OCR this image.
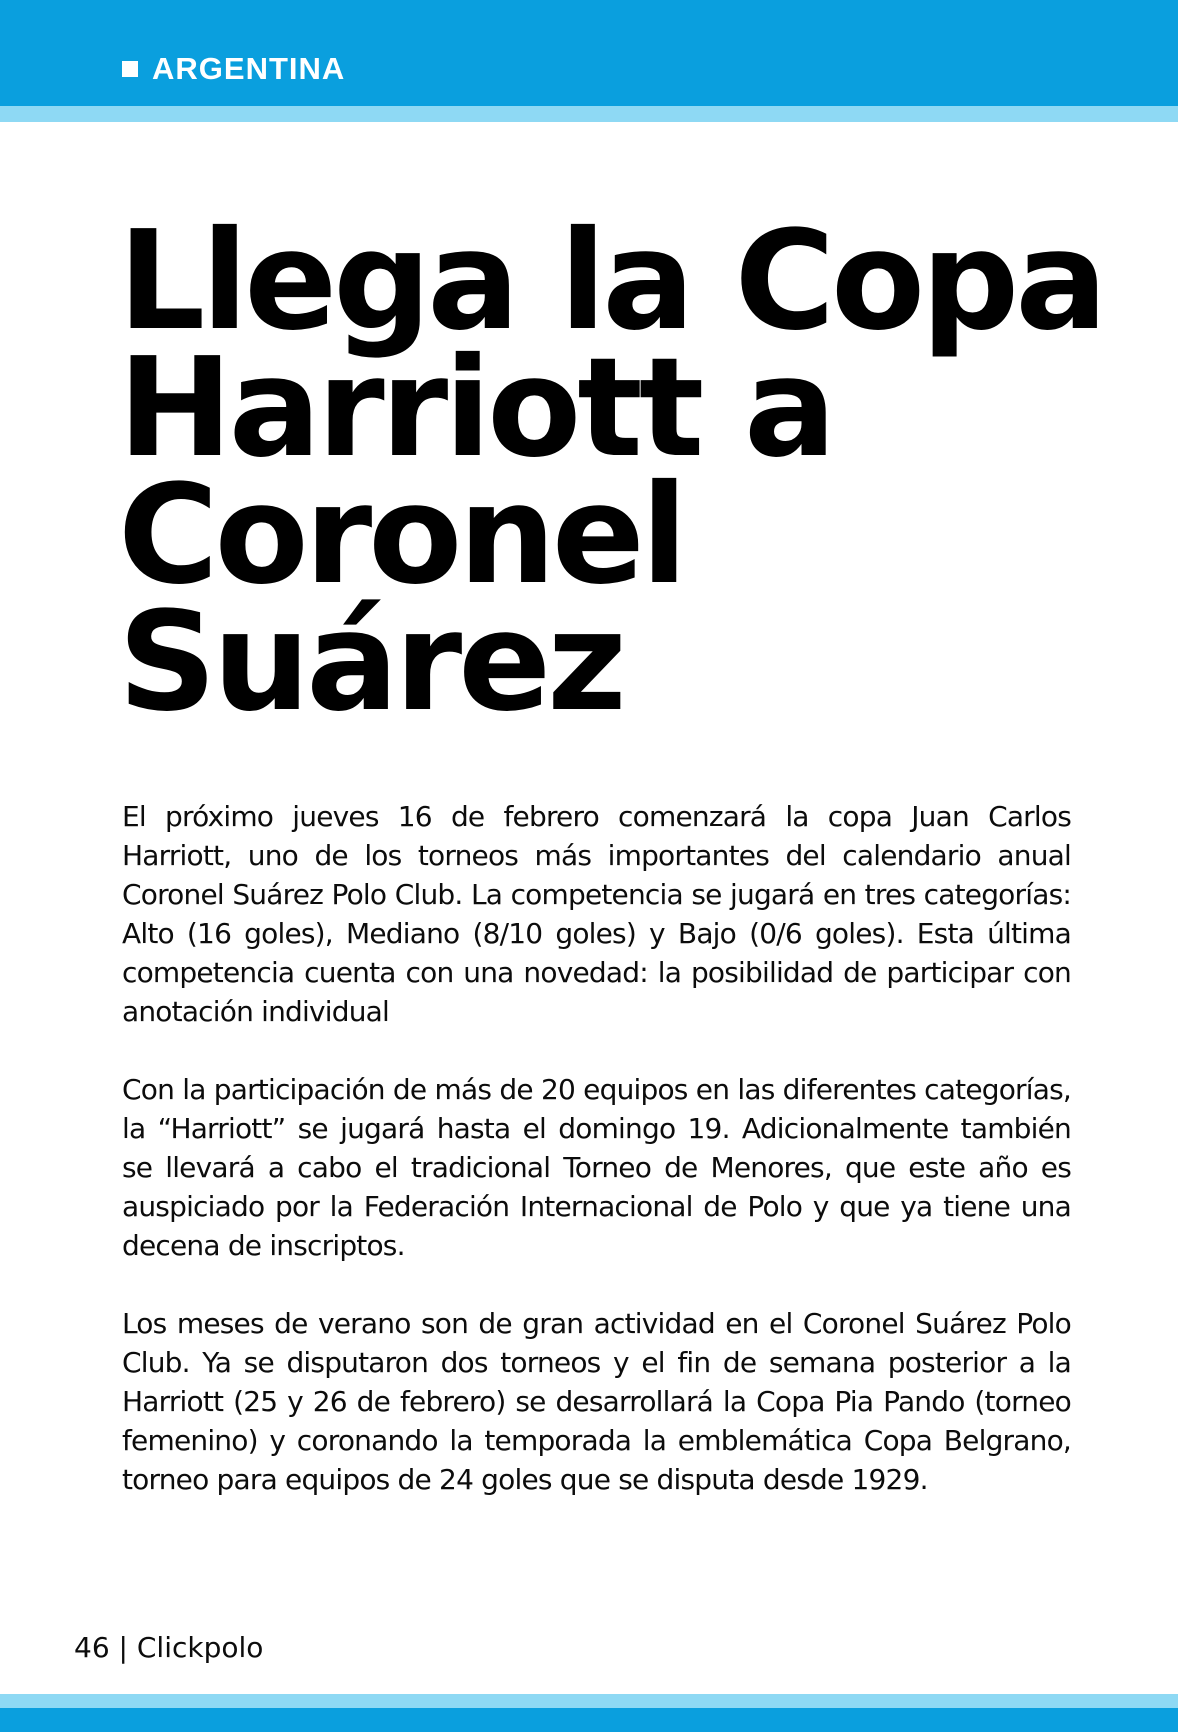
ARGENTINA
Llega la Copa
Harriott a
Coronel
Suárez

El próximo jueves 16 de febrero comenzará la copa Juan Carlos Harriott, uno de los torneos más importantes del calendario anual Coronel Suárez Polo Club. La competencia se jugará en tres categorías: Alto (16 goles), Mediano (8/10 goles) y Bajo (0/6 goles). Esta última competencia cuenta con una novedad: la posibilidad de participar con anotación individual

Con la participación de más de 20 equipos en las diferentes categorías, la “Harriott” se jugará hasta el domingo 19. Adicionalmente también se llevará a cabo el tradicional Torneo de Menores, que este año es auspiciado por la Federación Internacional de Polo y que ya tiene una decena de inscriptos.

Los meses de verano son de gran actividad en el Coronel Suárez Polo Club. Ya se disputaron dos torneos y el fin de semana posterior a la Harriott (25 y 26 de febrero) se desarrollará la Copa Pia Pando (torneo femenino) y coronando la temporada la emblemática Copa Belgrano, torneo para equipos de 24 goles que se disputa desde 1929.

46 | Clickpolo
